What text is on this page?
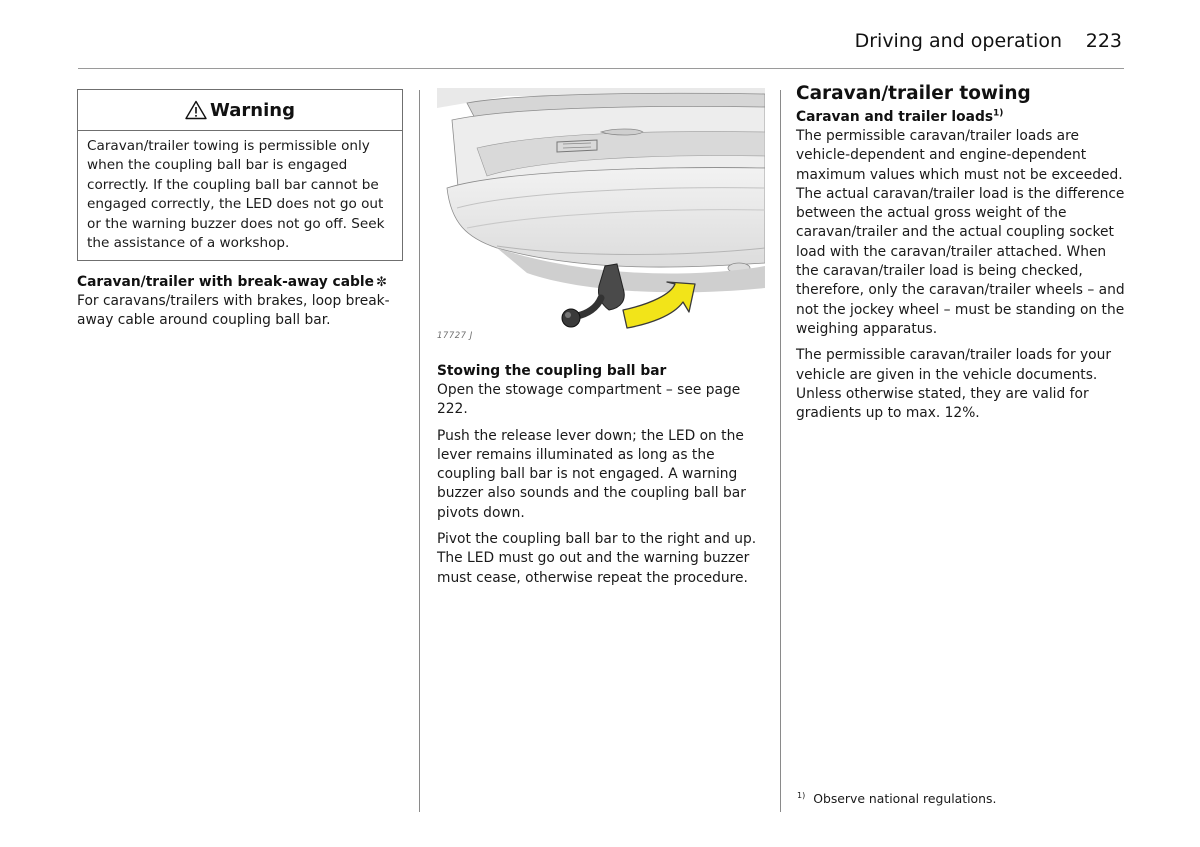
Driving and operation 223
Warning
Caravan/trailer towing is permissible only when the coupling ball bar is engaged correctly. If the coupling ball bar cannot be engaged correctly, the LED does not go out or the warning buzzer does not go off. Seek the assistance of a workshop.
Caravan/trailer with break-away cable ✼

For caravans/trailers with brakes, loop break-away cable around coupling ball bar.

17727 J
Stowing the coupling ball bar

Open the stowage compartment – see page 222.

Push the release lever down; the LED on the lever remains illuminated as long as the coupling ball bar is not engaged. A warning buzzer also sounds and the coupling ball bar pivots down.

Pivot the coupling ball bar to the right and up. The LED must go out and the warning buzzer must cease, otherwise repeat the procedure.

Caravan/trailer towing
Caravan and trailer loads$^{1)}$

The permissible caravan/trailer loads are vehicle-dependent and engine-dependent maximum values which must not be exceeded. The actual caravan/trailer load is the difference between the actual gross weight of the caravan/trailer and the actual coupling socket load with the caravan/trailer attached. When the caravan/trailer load is being checked, therefore, only the caravan/trailer wheels – and not the jockey wheel – must be standing on the weighing apparatus.

The permissible caravan/trailer loads for your vehicle are given in the vehicle documents. Unless otherwise stated, they are valid for gradients up to max. 12%.

$^{1)}$ Observe national regulations.
